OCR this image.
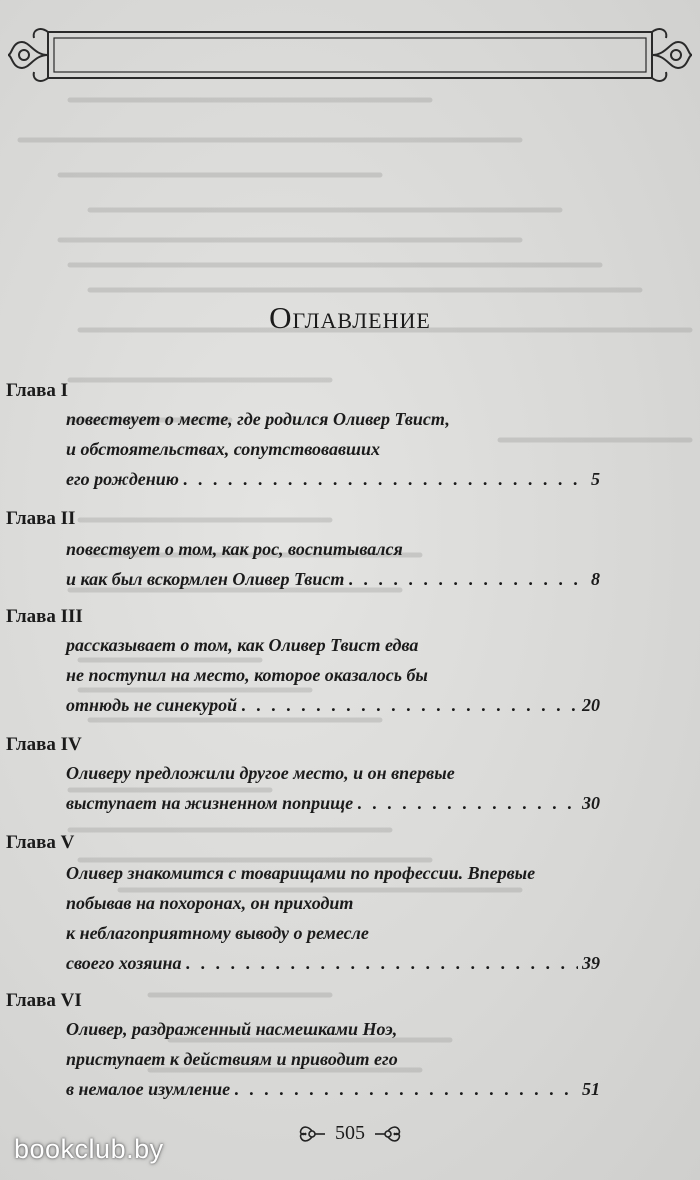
Оглавление
Глава I
повествует о месте, где родился Оливер Твист,
и обстоятельствах, сопутствовавших
его рождению . . .	5
Глава II
повествует о том, как рос, воспитывался
и как был вскормлен Оливер Твист . . .	8
Глава III
рассказывает о том, как Оливер Твист едва
не поступил на место, которое оказалось бы
отнюдь не синекурой . . .	20
Глава IV
Оливеру предложили другое место, и он впервые
выступает на жизненном поприще . . .	30
Глава V
Оливер знакомится с товарищами по профессии. Впервые
побывав на похоронах, он приходит
к неблагоприятному выводу о ремесле
своего хозяина . . .	39
Глава VI
Оливер, раздраженный насмешками Ноэ,
приступает к действиям и приводит его
в немалое изумление . . .	51
505
bookclub.by
